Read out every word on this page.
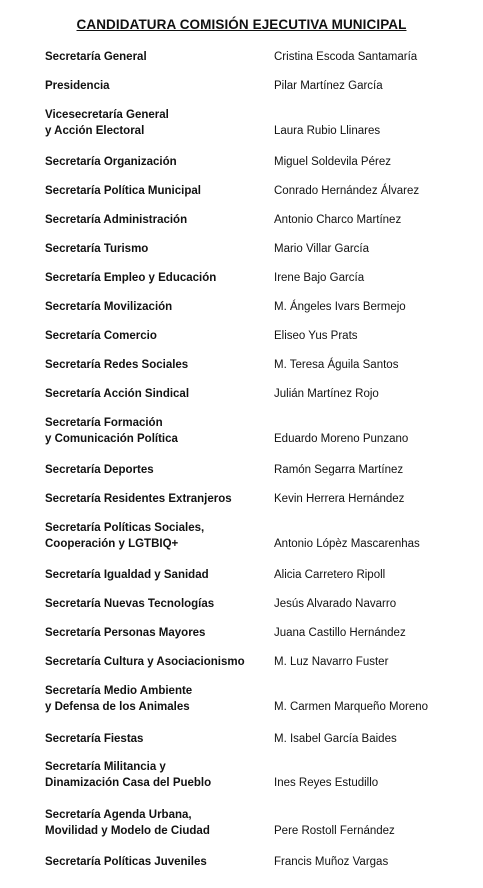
CANDIDATURA COMISIÓN EJECUTIVA MUNICIPAL
Secretaría General	Cristina Escoda Santamaría
Presidencia	Pilar Martínez García
Vicesecretaría General
y Acción Electoral	Laura Rubio Llinares
Secretaría Organización	Miguel Soldevila Pérez
Secretaría Política Municipal	Conrado Hernández Álvarez
Secretaría Administración	Antonio Charco Martínez
Secretaría Turismo	Mario Villar García
Secretaría Empleo y Educación	Irene Bajo García
Secretaría Movilización	M. Ángeles Ivars Bermejo
Secretaría Comercio	Eliseo Yus Prats
Secretaría Redes Sociales	M. Teresa Águila Santos
Secretaría Acción Sindical	Julián Martínez Rojo
Secretaría Formación
y Comunicación Política	Eduardo Moreno Punzano
Secretaría Deportes	Ramón Segarra Martínez
Secretaría Residentes Extranjeros	Kevin Herrera Hernández
Secretaría Políticas Sociales,
Cooperación y LGTBIQ+	Antonio Lópèz Mascarenhas
Secretaría Igualdad y Sanidad	Alicia Carretero Ripoll
Secretaría Nuevas Tecnologías	Jesús Alvarado Navarro
Secretaría Personas Mayores	Juana Castillo Hernández
Secretaría Cultura y Asociacionismo	M. Luz Navarro Fuster
Secretaría Medio Ambiente
y Defensa de los Animales	M. Carmen Marqueño Moreno
Secretaría Fiestas	M. Isabel García Baides
Secretaría Militancia y
Dinamización Casa del Pueblo	Ines Reyes Estudillo
Secretaría Agenda Urbana,
Movilidad y Modelo de Ciudad	Pere Rostoll Fernández
Secretaría Políticas Juveniles	Francis Muñoz Vargas
